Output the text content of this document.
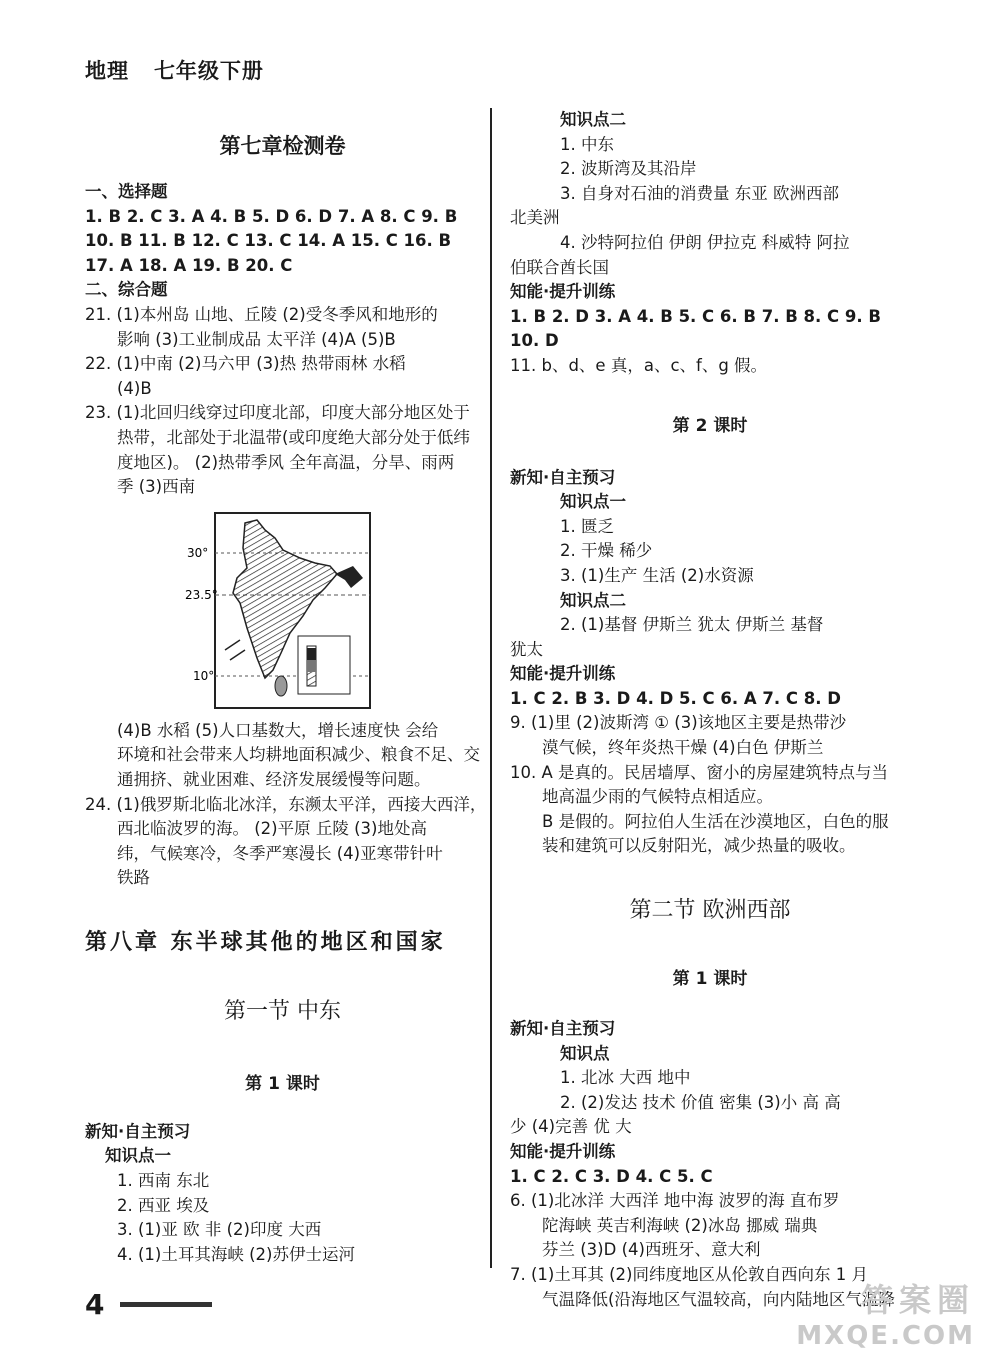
地理 七年级下册
第七章检测卷
一、选择题
1. B 2. C 3. A 4. B 5. D 6. D 7. A 8. C 9. B
10. B 11. B 12. C 13. C 14. A 15. C 16. B
17. A 18. A 19. B 20. C
二、综合题
21. (1)本州岛 山地、丘陵 (2)受冬季风和地形的
影响 (3)工业制成品 太平洋 (4)A (5)B
22. (1)中南 (2)马六甲 (3)热 热带雨林 水稻
(4)B
23. (1)北回归线穿过印度北部，印度大部分地区处于
热带，北部处于北温带(或印度绝大部分处于低纬
度地区)。 (2)热带季风 全年高温，分旱、雨两
季 (3)西南
30°
23.5°
10°
(4)B 水稻 (5)人口基数大，增长速度快 会给
环境和社会带来人均耕地面积减少、粮食不足、交
通拥挤、就业困难、经济发展缓慢等问题。
24. (1)俄罗斯北临北冰洋，东濒太平洋，西接大西洋，
西北临波罗的海。 (2)平原 丘陵 (3)地处高
纬，气候寒冷，冬季严寒漫长 (4)亚寒带针叶
铁路
第八章 东半球其他的地区和国家
第一节 中东
第 1 课时
新知·自主预习
知识点一
1. 西南 东北
2. 西亚 埃及
3. (1)亚 欧 非 (2)印度 大西
4. (1)土耳其海峡 (2)苏伊士运河
知识点二
1. 中东
2. 波斯湾及其沿岸
3. 自身对石油的消费量 东亚 欧洲西部
北美洲
4. 沙特阿拉伯 伊朗 伊拉克 科威特 阿拉
伯联合酋长国
知能·提升训练
1. B 2. D 3. A 4. B 5. C 6. B 7. B 8. C 9. B
10. D
11. b、d、e 真，a、c、f、g 假。
第 2 课时
新知·自主预习
知识点一
1. 匮乏
2. 干燥 稀少
3. (1)生产 生活 (2)水资源
知识点二
2. (1)基督 伊斯兰 犹太 伊斯兰 基督
犹太
知能·提升训练
1. C 2. B 3. D 4. D 5. C 6. A 7. C 8. D
9. (1)里 (2)波斯湾 ① (3)该地区主要是热带沙
漠气候，终年炎热干燥 (4)白色 伊斯兰
10. A 是真的。民居墙厚、窗小的房屋建筑特点与当
地高温少雨的气候特点相适应。
B 是假的。阿拉伯人生活在沙漠地区，白色的服
装和建筑可以反射阳光，减少热量的吸收。
第二节 欧洲西部
第 1 课时
新知·自主预习
知识点
1. 北冰 大西 地中
2. (2)发达 技术 价值 密集 (3)小 高 高
少 (4)完善 优 大
知能·提升训练
1. C 2. C 3. D 4. C 5. C
6. (1)北冰洋 大西洋 地中海 波罗的海 直布罗
陀海峡 英吉利海峡 (2)冰岛 挪威 瑞典
芬兰 (3)D (4)西班牙、意大利
7. (1)土耳其 (2)同纬度地区从伦敦自西向东 1 月
气温降低(沿海地区气温较高，向内陆地区气温降
4	答案圈
MXQE.COM
